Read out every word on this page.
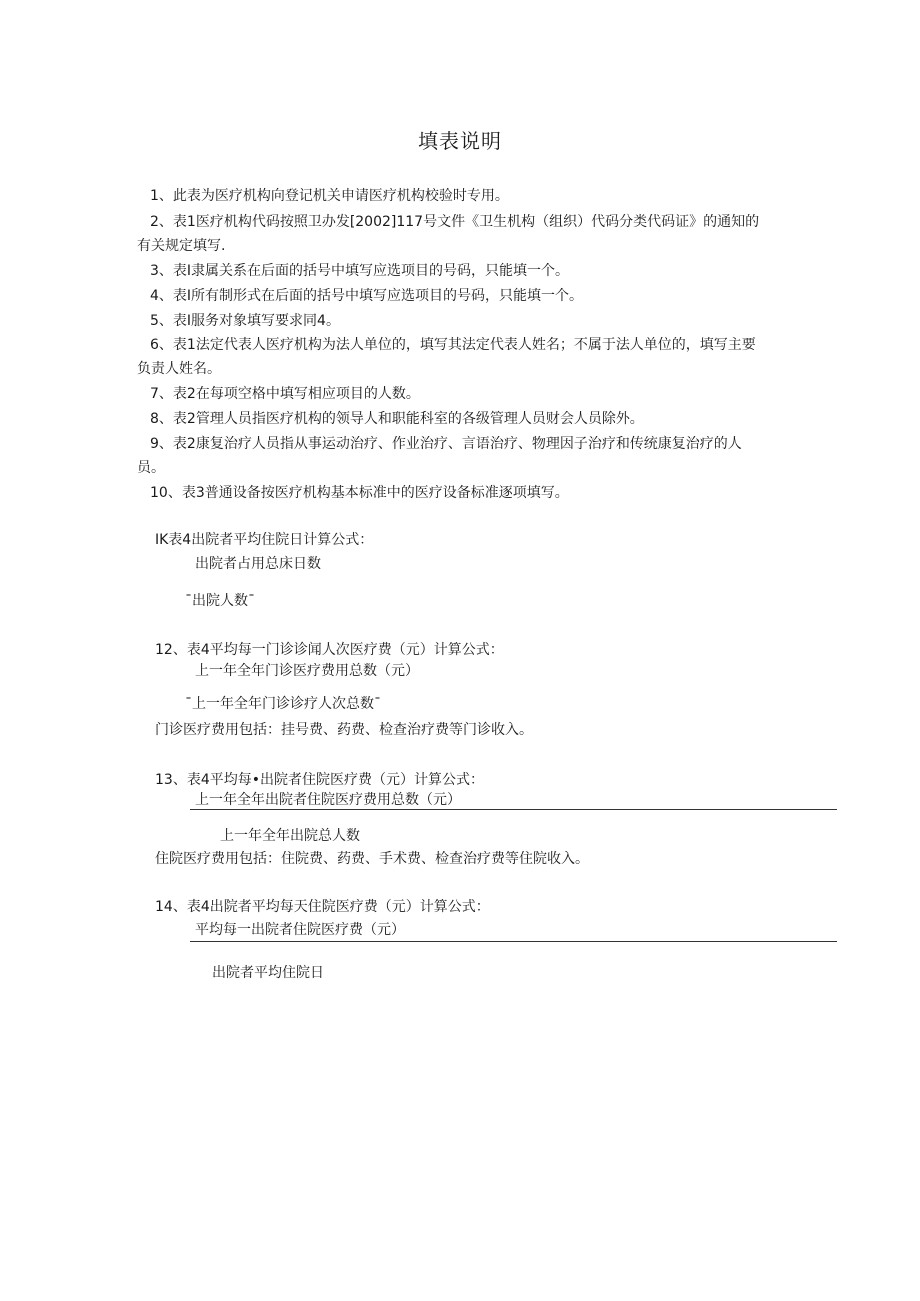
填表说明
1、此表为医疗机构向登记机关申请医疗机构校验时专用。
2、表1医疗机构代码按照卫办发[2002]117号文件《卫生机构（组织）代码分类代码证》的通知的
有关规定填写.
3、表I隶属关系在后面的括号中填写应选项目的号码，只能填一个。
4、表I所有制形式在后面的括号中填写应选项目的号码，只能填一个。
5、表I服务对象填写要求同4。
6、表1法定代表人医疗机构为法人单位的，填写其法定代表人姓名；不属于法人单位的，填写主要
负责人姓名。
7、表2在每项空格中填写相应项目的人数。
8、表2管理人员指医疗机构的领导人和职能科室的各级管理人员财会人员除外。
9、表2康复治疗人员指从事运动治疗、作业治疗、言语治疗、物理因子治疗和传统康复治疗的人
员。
10、表3普通设备按医疗机构基本标准中的医疗设备标准逐项填写。
IK表4出院者平均住院日计算公式：
出院者占用总床日数
¯出院人数¯
12、表4平均每一门诊诊闻人次医疗费（元）计算公式：
上一年全年门诊医疗费用总数（元）
¯上一年全年门诊诊疗人次总数¯
门诊医疗费用包括：挂号费、药费、检查治疗费等门诊收入。
13、表4平均每•出院者住院医疗费（元）计算公式：
上一年全年出院者住院医疗费用总数（元）
上一年全年出院总人数
住院医疗费用包括：住院费、药费、手术费、检查治疗费等住院收入。
14、表4出院者平均每天住院医疗费（元）计算公式：
平均每一出院者住院医疗费（元）
出院者平均住院日
